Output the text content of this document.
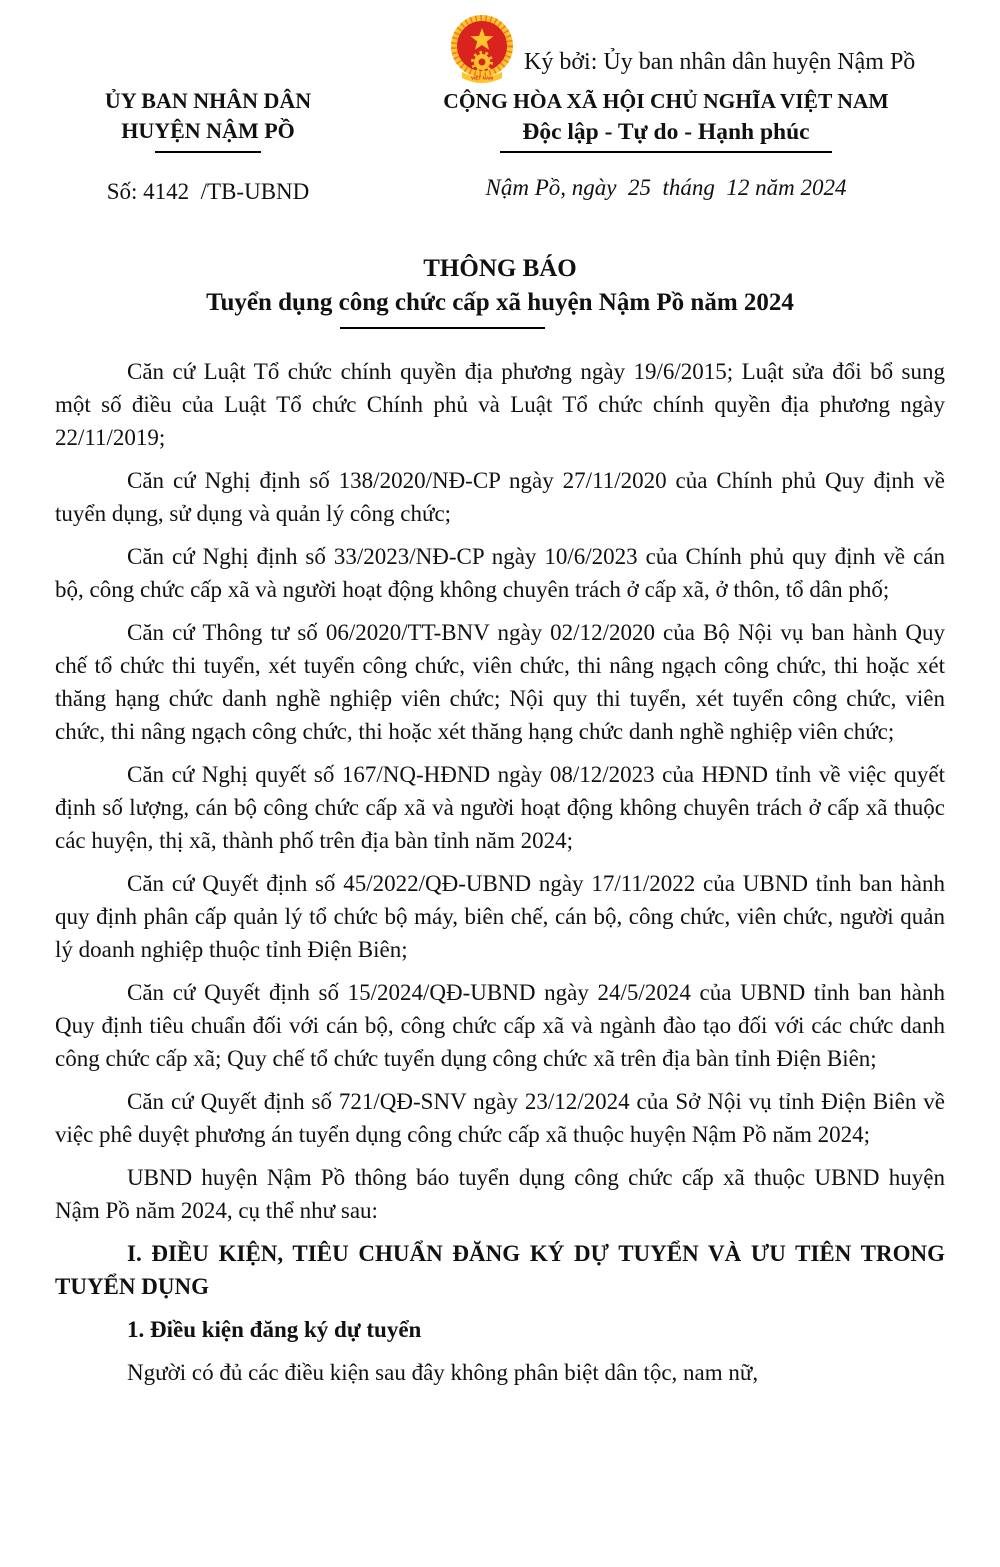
VIỆT NAM
Ký bởi: Ủy ban nhân dân huyện Nậm Pồ
ỦY BAN NHÂN DÂN
HUYỆN NẬM PỒ
Số: 4142  /TB-UBND
CỘNG HÒA XÃ HỘI CHỦ NGHĨA VIỆT NAM
Độc lập - Tự do - Hạnh phúc
Nậm Pồ, ngày  25  tháng  12 năm 2024
THÔNG BÁO
Tuyển dụng công chức cấp xã huyện Nậm Pồ năm 2024

Căn cứ Luật Tổ chức chính quyền địa phương ngày 19/6/2015; Luật sửa đổi bổ sung một số điều của Luật Tổ chức Chính phủ và Luật Tổ chức chính quyền địa phương ngày 22/11/2019;

Căn cứ Nghị định số 138/2020/NĐ-CP ngày 27/11/2020 của Chính phủ Quy định về tuyển dụng, sử dụng và quản lý công chức;

Căn cứ Nghị định số 33/2023/NĐ-CP ngày 10/6/2023 của Chính phủ quy định về cán bộ, công chức cấp xã và người hoạt động không chuyên trách ở cấp xã, ở thôn, tổ dân phố;

Căn cứ Thông tư số 06/2020/TT-BNV ngày 02/12/2020 của Bộ Nội vụ ban hành Quy chế tổ chức thi tuyển, xét tuyển công chức, viên chức, thi nâng ngạch công chức, thi hoặc xét thăng hạng chức danh nghề nghiệp viên chức; Nội quy thi tuyển, xét tuyển công chức, viên chức, thi nâng ngạch công chức, thi hoặc xét thăng hạng chức danh nghề nghiệp viên chức;

Căn cứ Nghị quyết số 167/NQ-HĐND ngày 08/12/2023 của HĐND tỉnh về việc quyết định số lượng, cán bộ công chức cấp xã và người hoạt động không chuyên trách ở cấp xã thuộc các huyện, thị xã, thành phố trên địa bàn tỉnh năm 2024;

Căn cứ Quyết định số 45/2022/QĐ-UBND ngày 17/11/2022 của UBND tỉnh ban hành quy định phân cấp quản lý tổ chức bộ máy, biên chế, cán bộ, công chức, viên chức, người quản lý doanh nghiệp thuộc tỉnh Điện Biên;

Căn cứ Quyết định số 15/2024/QĐ-UBND ngày 24/5/2024 của UBND tỉnh ban hành Quy định tiêu chuẩn đối với cán bộ, công chức cấp xã và ngành đào tạo đối với các chức danh công chức cấp xã; Quy chế tổ chức tuyển dụng công chức xã trên địa bàn tỉnh Điện Biên;

Căn cứ Quyết định số 721/QĐ-SNV ngày 23/12/2024 của Sở Nội vụ tỉnh Điện Biên về việc phê duyệt phương án tuyển dụng công chức cấp xã thuộc huyện Nậm Pồ năm 2024;

UBND huyện Nậm Pồ thông báo tuyển dụng công chức cấp xã thuộc UBND huyện Nậm Pồ năm 2024, cụ thể như sau:

I. ĐIỀU KIỆN, TIÊU CHUẨN ĐĂNG KÝ DỰ TUYỂN VÀ ƯU TIÊN TRONG TUYỂN DỤNG

1. Điều kiện đăng ký dự tuyển

Người có đủ các điều kiện sau đây không phân biệt dân tộc, nam nữ,
